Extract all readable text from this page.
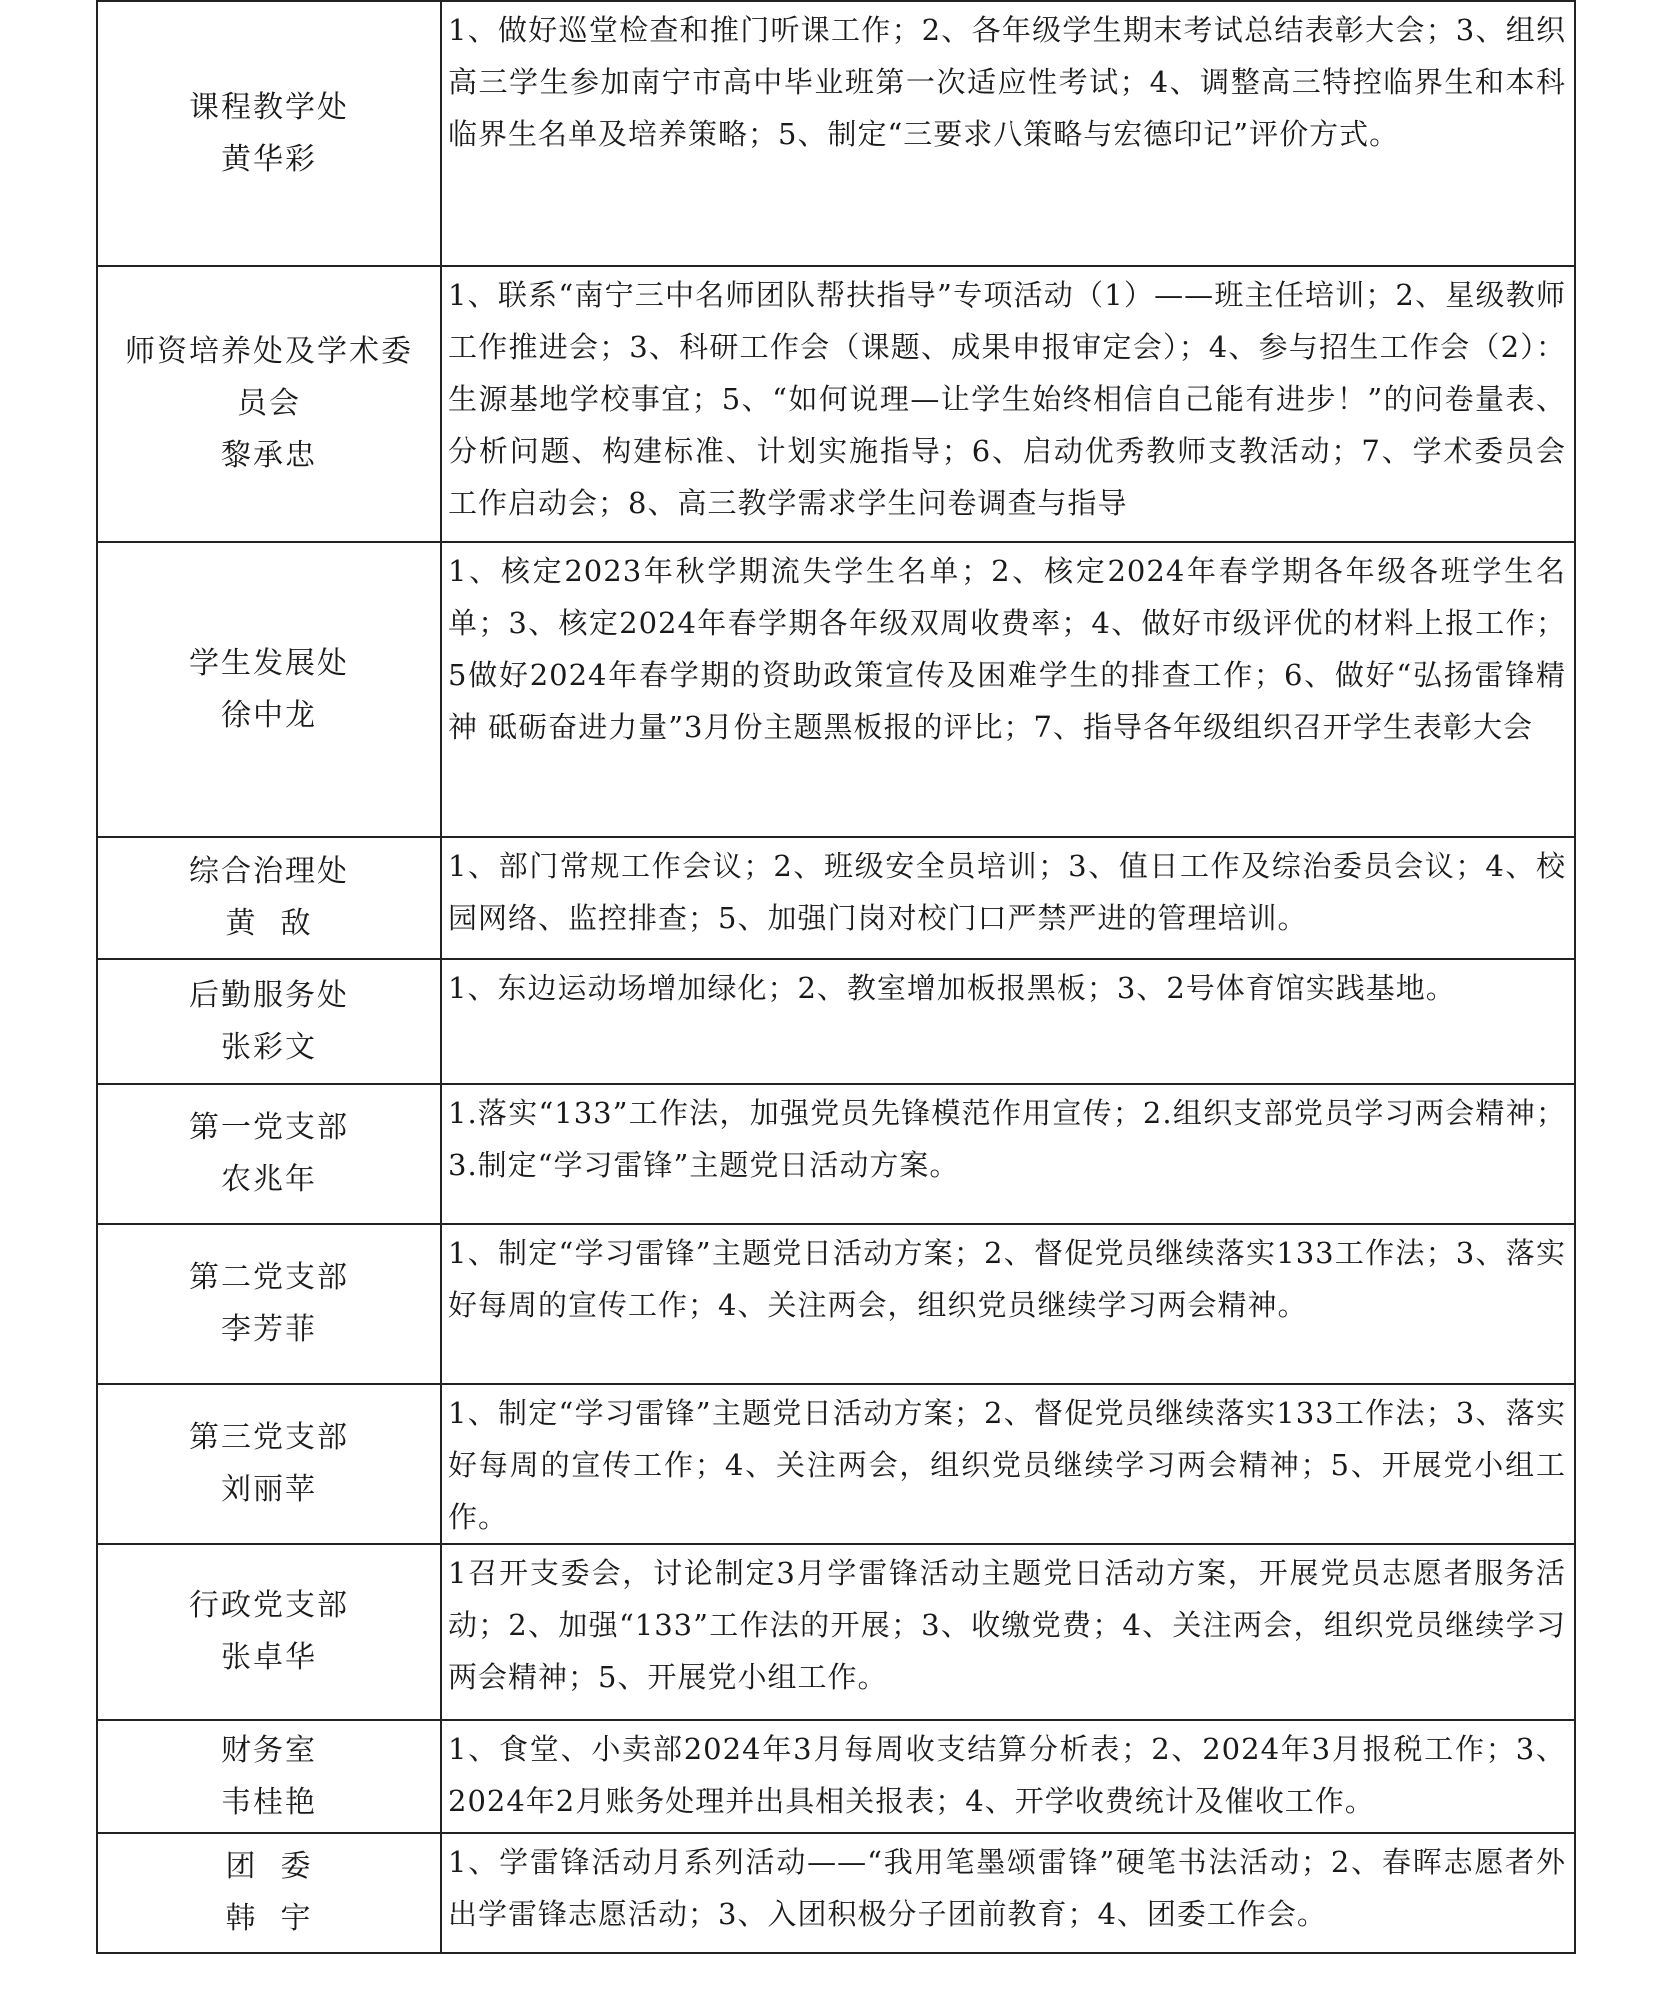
课程教学处
黄华彩	1、做好巡堂检查和推门听课工作；2、各年级学生期末考试总结表彰大会；3、组织高三学生参加南宁市高中毕业班第一次适应性考试；4、调整高三特控临界生和本科临界生名单及培养策略；5、制定“三要求八策略与宏德印记”评价方式。

师资培养处及学术委
员会
黎承忠	1、联系“南宁三中名师团队帮扶指导”专项活动（1）——班主任培训；2、星级教师工作推进会；3、科研工作会（课题、成果申报审定会）；4、参与招生工作会（2）：生源基地学校事宜；5、“如何说理—让学生始终相信自己能有进步！”的问卷量表、分析问题、构建标准、计划实施指导；6、启动优秀教师支教活动；7、学术委员会工作启动会；8、高三教学需求学生问卷调查与指导

学生发展处
徐中龙	1、核定2023年秋学期流失学生名单；2、核定2024年春学期各年级各班学生名单；3、核定2024年春学期各年级双周收费率；4、做好市级评优的材料上报工作；5做好2024年春学期的资助政策宣传及困难学生的排查工作；6、做好“弘扬雷锋精神 砥砺奋进力量”3月份主题黑板报的评比；7、指导各年级组织召开学生表彰大会

综合治理处
黄  敌	1、部门常规工作会议；2、班级安全员培训；3、值日工作及综治委员会议；4、校园网络、监控排查；5、加强门岗对校门口严禁严进的管理培训。

后勤服务处
张彩文	1、东边运动场增加绿化；2、教室增加板报黑板；3、2号体育馆实践基地。

第一党支部
农兆年	1.落实“133”工作法，加强党员先锋模范作用宣传；2.组织支部党员学习两会精神；3.制定“学习雷锋”主题党日活动方案。

第二党支部
李芳菲	1、制定“学习雷锋”主题党日活动方案；2、督促党员继续落实133工作法；3、落实好每周的宣传工作；4、关注两会，组织党员继续学习两会精神。

第三党支部
刘丽苹	1、制定“学习雷锋”主题党日活动方案；2、督促党员继续落实133工作法；3、落实好每周的宣传工作；4、关注两会，组织党员继续学习两会精神；5、开展党小组工作。

行政党支部
张卓华	1召开支委会，讨论制定3月学雷锋活动主题党日活动方案，开展党员志愿者服务活动；2、加强“133”工作法的开展；3、收缴党费；4、关注两会，组织党员继续学习两会精神；5、开展党小组工作。

财务室
韦桂艳	1、食堂、小卖部2024年3月每周收支结算分析表；2、2024年3月报税工作；3、2024年2月账务处理并出具相关报表；4、开学收费统计及催收工作。

团  委
韩  宇	1、学雷锋活动月系列活动——“我用笔墨颂雷锋”硬笔书法活动；2、春晖志愿者外出学雷锋志愿活动；3、入团积极分子团前教育；4、团委工作会。
